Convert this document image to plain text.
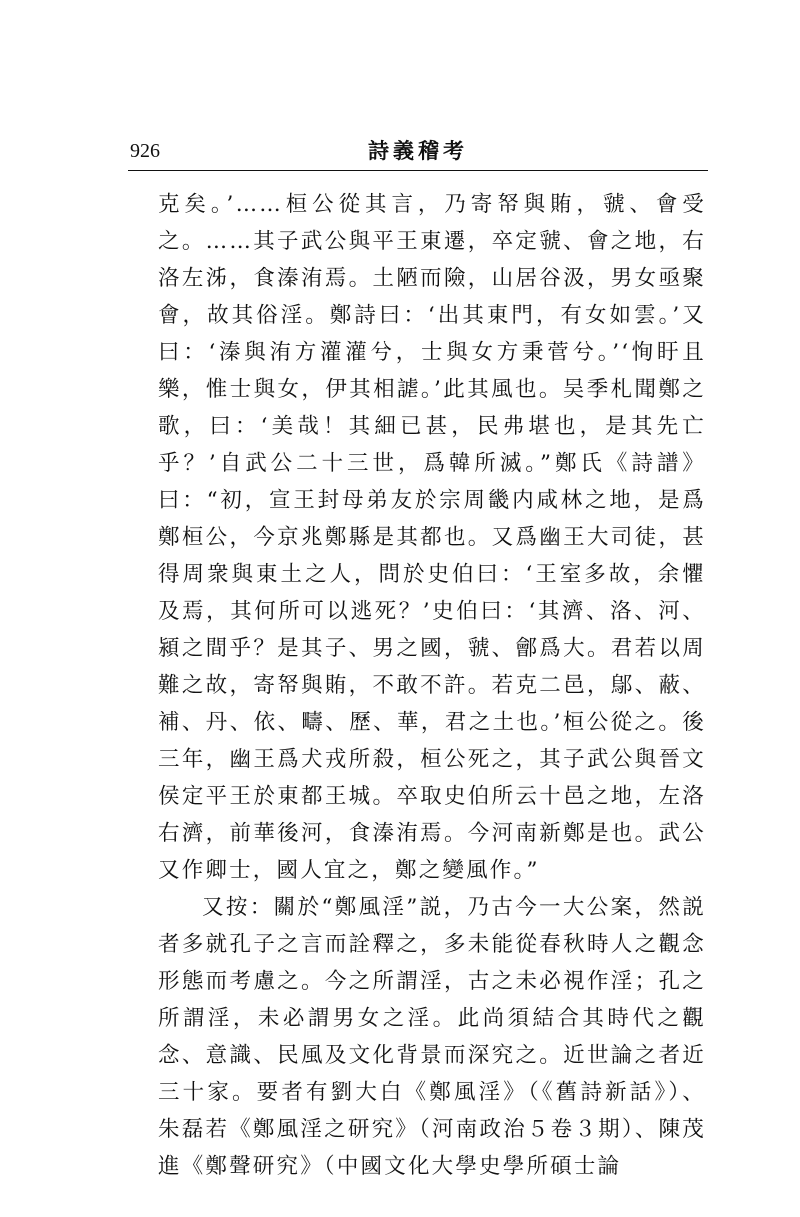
926	詩義稽考

克矣。’……桓公從其言，乃寄帑與賄，虢、會受之。……其子武公與平王東遷，卒定虢、會之地，右洛左泲，食溱洧焉。土陋而險，山居谷汲，男女亟聚會，故其俗淫。鄭詩曰：‘出其東門，有女如雲。’又曰：‘溱與洧方灌灌兮，士與女方秉菅兮。’‘恂盱且樂，惟士與女，伊其相謔。’此其風也。吴季札聞鄭之歌，曰：‘美哉！其細已甚，民弗堪也，是其先亡乎？’自武公二十三世，爲韓所滅。”鄭氏《詩譜》曰：“初，宣王封母弟友於宗周畿内咸林之地，是爲鄭桓公，今京兆鄭縣是其都也。又爲幽王大司徒，甚得周衆與東土之人，問於史伯曰：‘王室多故，余懼及焉，其何所可以逃死？’史伯曰：‘其濟、洛、河、潁之間乎？是其子、男之國，虢、鄶爲大。君若以周難之故，寄帑與賄，不敢不許。若克二邑，鄔、蔽、補、丹、依、疇、歷、華，君之土也。’桓公從之。後三年，幽王爲犬戎所殺，桓公死之，其子武公與晉文侯定平王於東都王城。卒取史伯所云十邑之地，左洛右濟，前華後河，食溱洧焉。今河南新鄭是也。武公又作卿士，國人宜之，鄭之變風作。”

又按：關於“鄭風淫”説，乃古今一大公案，然説者多就孔子之言而詮釋之，多未能從春秋時人之觀念形態而考慮之。今之所謂淫，古之未必視作淫；孔之所謂淫，未必謂男女之淫。此尚須結合其時代之觀念、意識、民風及文化背景而深究之。近世論之者近三十家。要者有劉大白《鄭風淫》（《舊詩新話》）、朱磊若《鄭風淫之研究》（河南政治５卷３期）、陳茂進《鄭聲研究》（中國文化大學史學所碩士論
